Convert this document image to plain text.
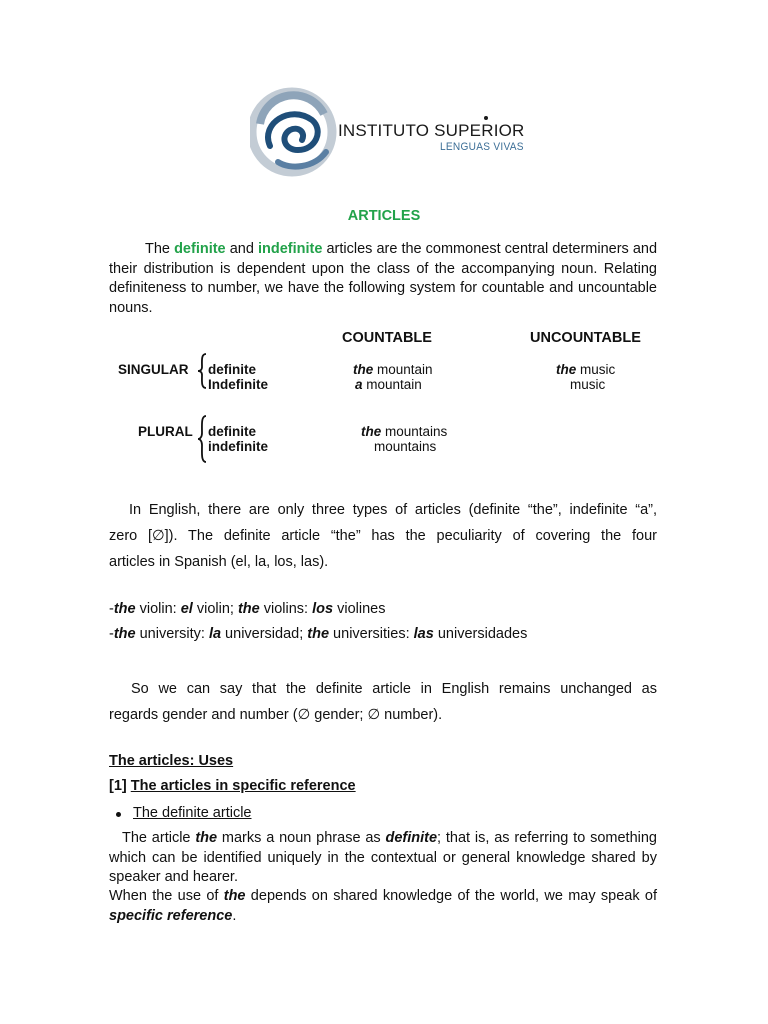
INSTITUTO SUPERIOR
LENGUAS VIVAS
ARTICLES
The definite and indefinite articles are the commonest central determiners and their distribution is dependent upon the class of the accompanying noun. Relating definiteness to number, we have the following system for countable and uncountable nouns.
COUNTABLE	UNCOUNTABLE
SINGULAR definite
Indefinite
the mountain
a mountain
the music
music
PLURAL definite
indefinite
the mountains
mountains
In English, there are only three types of articles (definite “the”, indefinite “a”,
zero [∅]). The definite article “the” has the peculiarity of covering the four
articles in Spanish (el, la, los, las).
-the violin: el violin; the violins: los violines
-the university: la universidad; the universities: las universidades
So we can say that the definite article in English remains unchanged as
regards gender and number (∅ gender; ∅ number).
The articles: Uses
[1] The articles in specific reference
The definite article
The article the marks a noun phrase as definite; that is, as referring to something which can be identified uniquely in the contextual or general knowledge shared by speaker and hearer.
When the use of the depends on shared knowledge of the world, we may speak of specific reference.
